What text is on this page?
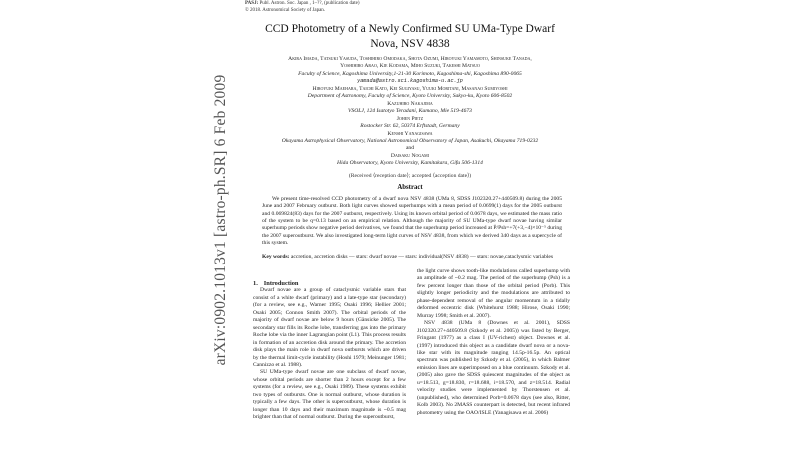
arXiv:0902.1013v1 [astro-ph.SR] 6 Feb 2009
PASJ: Publ. Astron. Soc. Japan , 1–??, (publication date)
© 2018. Astronomical Society of Japan.
CCD Photometry of a Newly Confirmed SU UMa-Type Dwarf Nova, NSV 4838
Akira Imada, Tatsuki Yasuda, Toshihiro Omodaka, Shota Ozumi, Hiroyuki Yamamoto, Shinsuke Tanada,
Yoshihiro Arao, Kie Kodama, Miho Suzuki, Takeshi Matsuo
Faculty of Science, Kagoshima University,1-21-30 Korimoto, Kagoshima-shi, Kagoshima 890-0065
yamada@astro.sci.kagoshima-u.ac.jp
Hiroyuki Maehara, Taichi Kato, Kei Sugiyasu, Yuuki Moritani, Masanao Sumiyoshi
Department of Astronomy, Faculty of Science, Kyoto University, Sakyo-ku, Kyoto 606-8502
Kazuhiro Nakajima
VSOLJ, 124 Isatotyo Teradani, Kumano, Mie 519-4673
Johen Pietz
Rostocker Str. 62, 50374 Erftstadt, Germany
Kenshi Yanagisawa
Okayama Astrophysical Observatory, National Astronomical Observatory of Japan, Asakuchi, Okayama 719-0232
and
Daisaku Nogami
Hida Observatory, Kyoto University, Kamitakara, Gifu 506-1314
(Received ⟨reception date⟩; accepted ⟨acception date⟩)
Abstract
We present time-resolved CCD photometry of a dwarf nova NSV 4838 (UMa 8, SDSS J102320.27+440509.8) during the 2005 June and 2007 February outburst. Both light curves showed superhumps with a mean period of 0.0699(1) days for the 2005 outburst and 0.069824(83) days for the 2007 outburst, respectively. Using its known orbital period of 0.0678 days, we estimated the mass ratio of the system to be q=0.13 based on an empirical relation. Although the majority of SU UMa-type dwarf novae having similar superhump periods show negative period derivatives, we found that the superhump period increased at Ṗ/Psh=+7(+3,−4)×10⁻⁵ during the 2007 superoutburst. We also investigated long-term light curves of NSV 4838, from which we derived 340 days as a supercycle of this system.
Key words: accretion, accretion disks — stars: dwarf novae — stars: individual(NSV 4838) — stars: novae,cataclysmic variables

1. Introduction

Dwarf novae are a group of cataclysmic variable stars that consist of a white dwarf (primary) and a late-type star (secondary) (for a review, see e.g., Warner 1995; Osaki 1996; Hellier 2001; Osaki 2005; Connon Smith 2007). The orbital periods of the majority of dwarf novae are below 9 hours (Gänsicke 2005). The secondary star fills its Roche lobe, transferring gas into the primary Roche lobe via the inner Lagrangian point (L1). This process results in formation of an accretion disk around the primary. The accretion disk plays the main role in dwarf nova outbursts which are driven by the thermal limit-cycle instability (Hoshi 1979; Meinunger 1981; Cannizzo et al. 1988).

SU UMa-type dwarf novae are one subclass of dwarf novae, whose orbital periods are shorter than 2 hours except for a few systems (for a review, see e.g., Osaki 1989). These systems exhibit two types of outbursts. One is normal outburst, whose duration is typically a few days. The other is superoutburst, whose duration is longer than 10 days and their maximum magnitude is ~0.5 mag brighter than that of normal outburst. During the superoutburst,

the light curve shows tooth-like modulations called superhump with an amplitude of ~0.2 mag. The period of the superhump (Psh) is a few percent longer than those of the orbital period (Porb). This slightly longer periodicity and the modulations are attributed to phase-dependent removal of the angular momentum in a tidally deformed eccentric disk (Whitehurst 1988; Hirose, Osaki 1990; Murray 1998; Smith et al. 2007).

NSV 4838 (UMa 8 (Downes et al. 2001), SDSS J102320.27+440509.8 (Szkody et al. 2005)) was listed by Berger, Fringant (1977) as a class I (UV-richest) object. Downes et al. (1997) introduced this object as a candidate dwarf nova or a nova-like star with its magnitude ranging 14.5p-16.5p. An optical spectrum was published by Szkody et al. (2005), in which Balmer emission lines are superimposed on a blue continuum. Szkody et al. (2005) also gave the SDSS quiescent magnitudes of the object as u=18.513, g=18.830, r=18.688, i=18.570, and z=18.514. Radial velocity studies were implemented by Thorstensen et al. (unpublished), who determined Porb=0.0678 days (see also, Ritter, Kolb 2003). No 2MASS counterpart is detected, but recent infrared photometry using the OAO/ISLE (Yanagisawa et al. 2006)
